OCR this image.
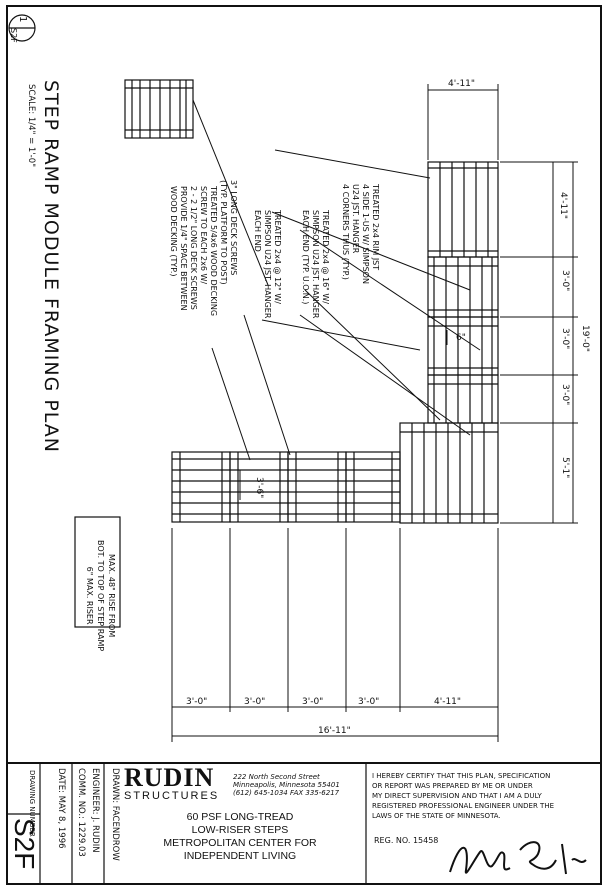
1
S2F
STEP RAMP MODULE FRAMING PLAN
SCALE: 1/4" = 1'-0"
3" LONG DECK SCREWS
(TYP. PLATFORM TO POST)
TREATED 5/4x6 WOOD DECKING
SCREW TO EACH 2x6 W/
2 - 2 1/2" LONG DECK SCREWS
PROVIDE 1/4" SPACE BETWEEN
WOOD DECKING (TYP.)	TREATED 2x4 RIM JST
4 SIDE 1-US W/ SIMPSON
U24 JST. HANGER
4 CORNERS THUS (TYP.)
TREATED 2x4 @ 16" W/
SIMPSON U24 JST. HANGER
EACH END (TYP. U.O.N.)
TREATED 2x4 @ 12" W/
SIMPSON U24 JST. HANGER
EACH END
MAX. 48" RISE FROM
BOT. TO TOP OF STEP RAMP
6" MAX. RISER
4'-11"
4'-11"
3'-0"
3'-0"
3'-0"
5'-1"
19'-0"
6"
3'-6"
3'-0"	3'-0"	3'-0"	3'-0"	4'-11"
16'-11"
DRAWING NUMBER
S2F DATE: MAY 8, 1996 COMM. NO.: 1229.03 ENGINEER: J. RUDIN DRAWN: FACENDROW RUDIN
STRUCTURES
222 North Second Street
Minneapolis, Minnesota 55401
(612) 645-1034 FAX 335-6217
60 PSF LONG-TREAD
LOW-RISER STEPS
METROPOLITAN CENTER FOR
INDEPENDENT LIVING
I HEREBY CERTIFY THAT THIS PLAN, SPECIFICATION
OR REPORT WAS PREPARED BY ME OR UNDER
MY DIRECT SUPERVISION AND THAT I AM A DULY
REGISTERED PROFESSIONAL ENGINEER UNDER THE
LAWS OF THE STATE OF MINNESOTA.
REG. NO. 15458
